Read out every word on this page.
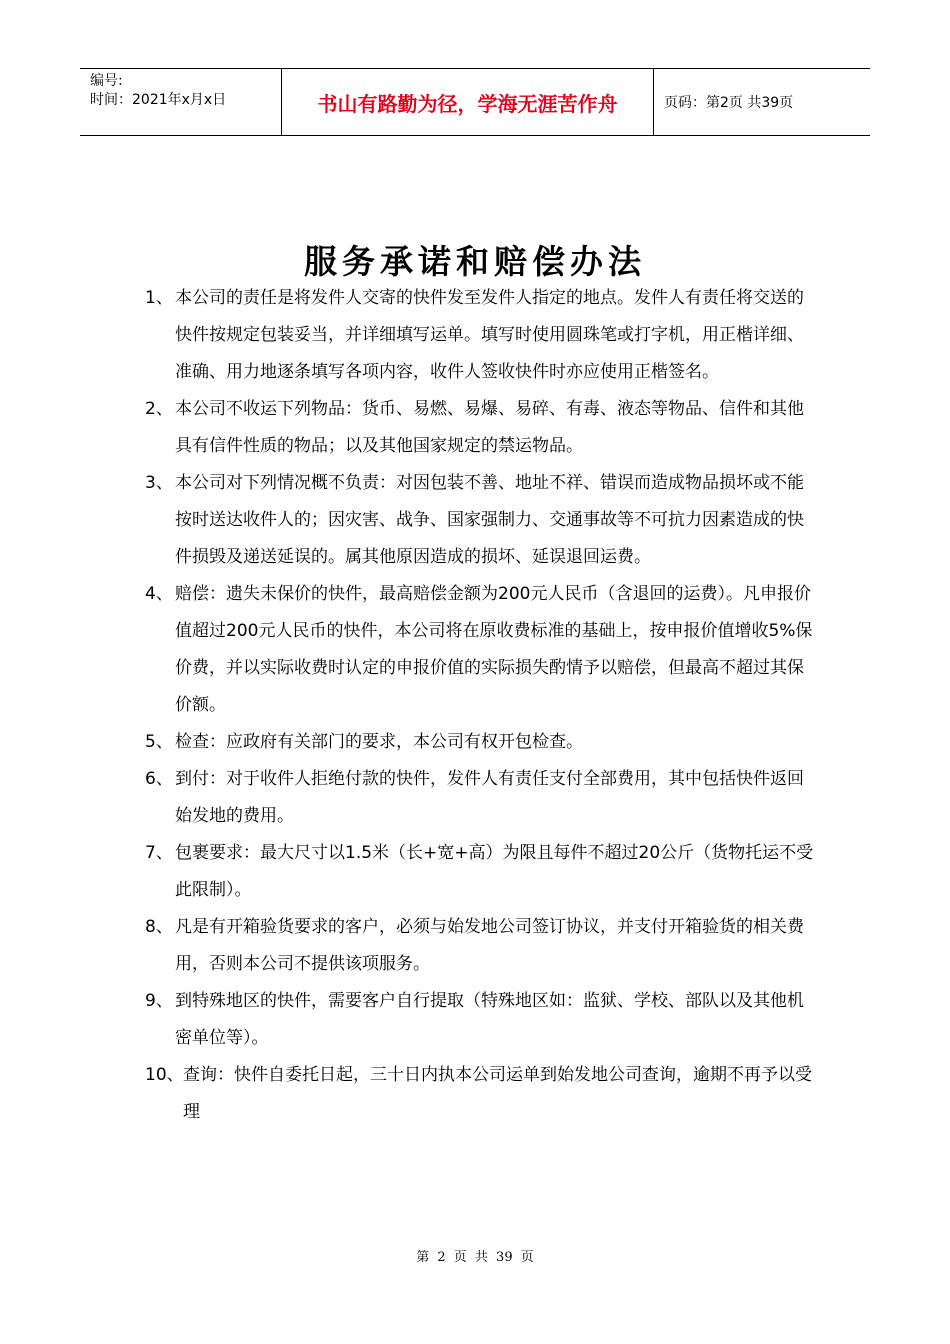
编号:
时间：2021年x月x日	书山有路勤为径，学海无涯苦作舟	页码：第2页 共39页
服务承诺和赔偿办法
1、 本公司的责任是将发件人交寄的快件发至发件人指定的地点。发件人有责任将交送的快件按规定包装妥当，并详细填写运单。填写时使用圆珠笔或打字机，用正楷详细、准确、用力地逐条填写各项内容，收件人签收快件时亦应使用正楷签名。
2、 本公司不收运下列物品：货币、易燃、易爆、易碎、有毒、液态等物品、信件和其他具有信件性质的物品；以及其他国家规定的禁运物品。
3、 本公司对下列情况概不负责：对因包装不善、地址不祥、错误而造成物品损坏或不能按时送达收件人的；因灾害、战争、国家强制力、交通事故等不可抗力因素造成的快件损毁及递送延误的。属其他原因造成的损坏、延误退回运费。
4、 赔偿：遗失未保价的快件，最高赔偿金额为200元人民币（含退回的运费）。凡申报价值超过200元人民币的快件，本公司将在原收费标准的基础上，按申报价值增收5%保价费，并以实际收费时认定的申报价值的实际损失酌情予以赔偿，但最高不超过其保价额。
5、 检查：应政府有关部门的要求，本公司有权开包检查。
6、 到付：对于收件人拒绝付款的快件，发件人有责任支付全部费用，其中包括快件返回始发地的费用。
7、 包裹要求：最大尺寸以1.5米（长+宽+高）为限且每件不超过20公斤（货物托运不受此限制）。
8、 凡是有开箱验货要求的客户，必须与始发地公司签订协议，并支付开箱验货的相关费用，否则本公司不提供该项服务。
9、 到特殊地区的快件，需要客户自行提取（特殊地区如：监狱、学校、部队以及其他机密单位等）。
10、 查询：快件自委托日起，三十日内执本公司运单到始发地公司查询，逾期不再予以受理
第 2 页 共 39 页
